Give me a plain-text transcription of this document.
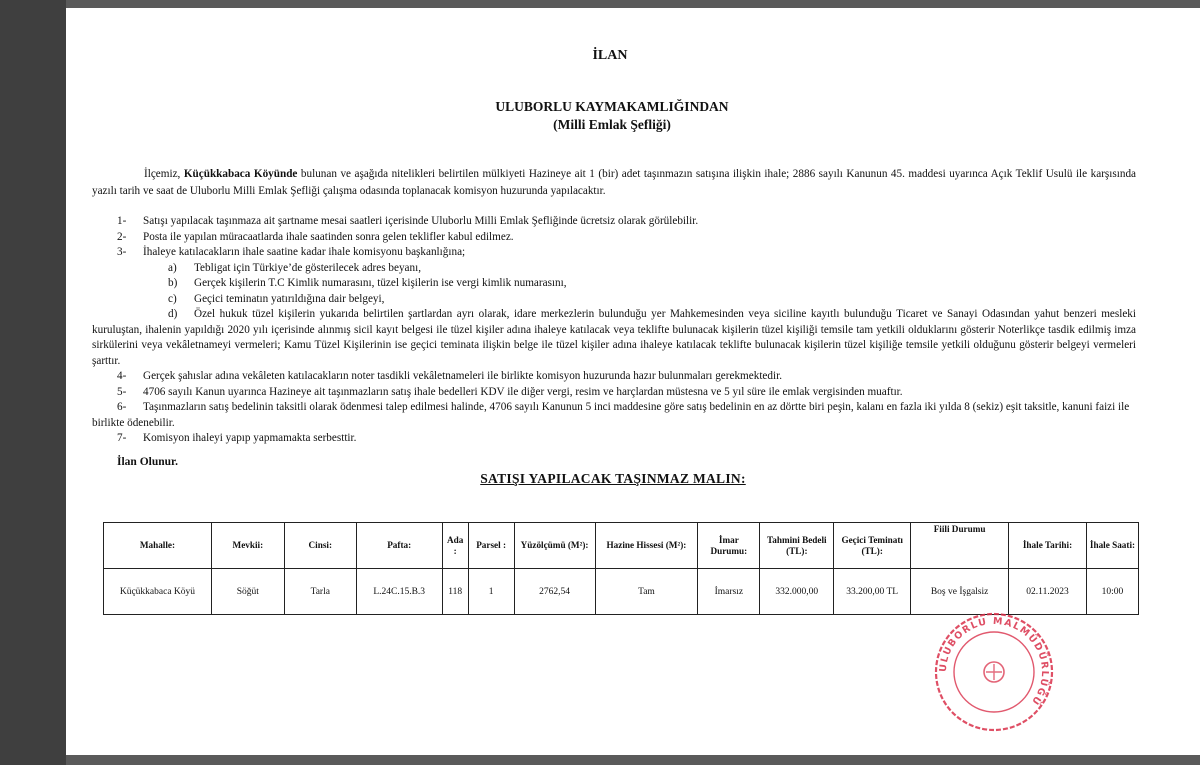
İLAN
ULUBORLU KAYMAKAMLIĞINDAN
(Milli Emlak Şefliği)
İlçemiz, Küçükkabaca Köyünde bulunan ve aşağıda nitelikleri belirtilen mülkiyeti Hazineye ait 1 (bir) adet taşınmazın satışına ilişkin ihale; 2886 sayılı Kanunun 45. maddesi uyarınca Açık Teklif Usulü ile karşısında yazılı tarih ve saat de Uluborlu Milli Emlak Şefliği çalışma odasında toplanacak komisyon huzurunda yapılacaktır.
1- Satışı yapılacak taşınmaza ait şartname mesai saatleri içerisinde Uluborlu Milli Emlak Şefliğinde ücretsiz olarak görülebilir.
2- Posta ile yapılan müracaatlarda ihale saatinden sonra gelen teklifler kabul edilmez.
3- İhaleye katılacakların ihale saatine kadar ihale komisyonu başkanlığına;
a) Tebligat için Türkiye’de gösterilecek adres beyanı,
b) Gerçek kişilerin T.C Kimlik numarasını, tüzel kişilerin ise vergi kimlik numarasını,
c) Geçici teminatın yatırıldığına dair belgeyi,
d) Özel hukuk tüzel kişilerin yukarıda belirtilen şartlardan ayrı olarak, idare merkezlerin bulunduğu yer Mahkemesinden veya siciline kayıtlı bulunduğu Ticaret ve Sanayi Odasından yahut benzeri mesleki kuruluştan, ihalenin yapıldığı 2020 yılı içerisinde alınmış sicil kayıt belgesi ile tüzel kişiler adına ihaleye katılacak veya teklifte bulunacak kişilerin tüzel kişiliği temsile tam yetkili olduklarını gösterir Noterlikçe tasdik edilmiş imza sirkülerini veya vekâletnameyi vermeleri; Kamu Tüzel Kişilerinin ise geçici teminata ilişkin belge ile tüzel kişiler adına ihaleye katılacak teklifte bulunacak kişilerin tüzel kişiliğe temsile yetkili olduğunu gösterir belgeyi vermeleri şarttır.
4- Gerçek şahıslar adına vekâleten katılacakların noter tasdikli vekâletnameleri ile birlikte komisyon huzurunda hazır bulunmaları gerekmektedir.
5- 4706 sayılı Kanun uyarınca Hazineye ait taşınmazların satış ihale bedelleri KDV ile diğer vergi, resim ve harçlardan müstesna ve 5 yıl süre ile emlak vergisinden muaftır.
6- Taşınmazların satış bedelinin taksitli olarak ödenmesi talep edilmesi halinde, 4706 sayılı Kanunun 5 inci maddesine göre satış bedelinin en az dörtte biri peşin, kalanı en fazla iki yılda 8 (sekiz) eşit taksitle, kanuni faizi ile birlikte ödenebilir.
7- Komisyon ihaleyi yapıp yapmamakta serbesttir.
İlan Olunur.
SATIŞI YAPILACAK TAŞINMAZ MALIN:
Mahalle:	Mevkii:	Cinsi:	Pafta:	Ada :	Parsel :	Yüzölçümü (M²):	Hazine Hissesi (M²):	İmar Durumu:	Tahmini Bedeli (TL):	Geçici Teminatı (TL):	Fiili Durumu	İhale Tarihi:	İhale Saati:
Küçükkabaca Köyü	Söğüt	Tarla	L.24C.15.B.3	118	1	2762,54	Tam	İmarsız	332.000,00	33.200,00 TL	Boş ve İşgalsiz	02.11.2023	10:00
ULUBORLU MALMÜDÜRLÜĞÜ
